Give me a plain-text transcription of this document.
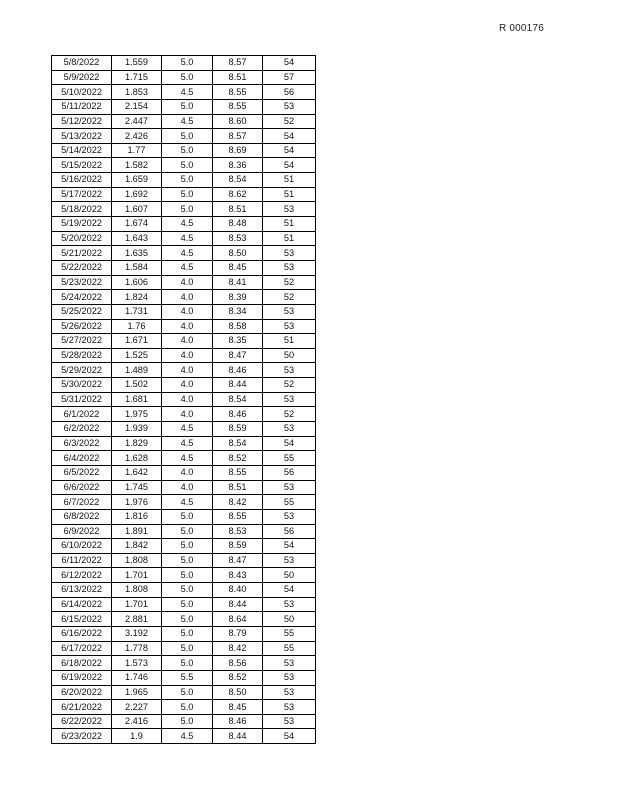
R 000176
5/8/2022	1.559	5.0	8.57	54
5/9/2022	1.715	5.0	8.51	57
5/10/2022	1.853	4.5	8.55	56
5/11/2022	2.154	5.0	8.55	53
5/12/2022	2.447	4.5	8.60	52
5/13/2022	2.426	5.0	8.57	54
5/14/2022	1.77	5.0	8.69	54
5/15/2022	1.582	5.0	8.36	54
5/16/2022	1.659	5.0	8.54	51
5/17/2022	1.692	5.0	8.62	51
5/18/2022	1.607	5.0	8.51	53
5/19/2022	1.674	4.5	8.48	51
5/20/2022	1.643	4.5	8.53	51
5/21/2022	1.635	4.5	8.50	53
5/22/2022	1.584	4.5	8.45	53
5/23/2022	1.606	4.0	8.41	52
5/24/2022	1.824	4.0	8.39	52
5/25/2022	1.731	4.0	8.34	53
5/26/2022	1.76	4.0	8.58	53
5/27/2022	1.671	4.0	8.35	51
5/28/2022	1.525	4.0	8.47	50
5/29/2022	1.489	4.0	8.46	53
5/30/2022	1.502	4.0	8.44	52
5/31/2022	1.681	4.0	8.54	53
6/1/2022	1.975	4.0	8.46	52
6/2/2022	1.939	4.5	8.59	53
6/3/2022	1.829	4.5	8.54	54
6/4/2022	1.628	4.5	8.52	55
6/5/2022	1.642	4.0	8.55	56
6/6/2022	1.745	4.0	8.51	53
6/7/2022	1.976	4.5	8.42	55
6/8/2022	1.816	5.0	8.55	53
6/9/2022	1.891	5.0	8.53	56
6/10/2022	1.842	5.0	8.59	54
6/11/2022	1.808	5.0	8.47	53
6/12/2022	1.701	5.0	8.43	50
6/13/2022	1.808	5.0	8.40	54
6/14/2022	1.701	5.0	8.44	53
6/15/2022	2.881	5.0	8.64	50
6/16/2022	3.192	5.0	8.79	55
6/17/2022	1.778	5.0	8.42	55
6/18/2022	1.573	5.0	8.56	53
6/19/2022	1.746	5.5	8.52	53
6/20/2022	1.965	5.0	8.50	53
6/21/2022	2.227	5.0	8.45	53
6/22/2022	2.416	5.0	8.46	53
6/23/2022	1.9	4.5	8.44	54
